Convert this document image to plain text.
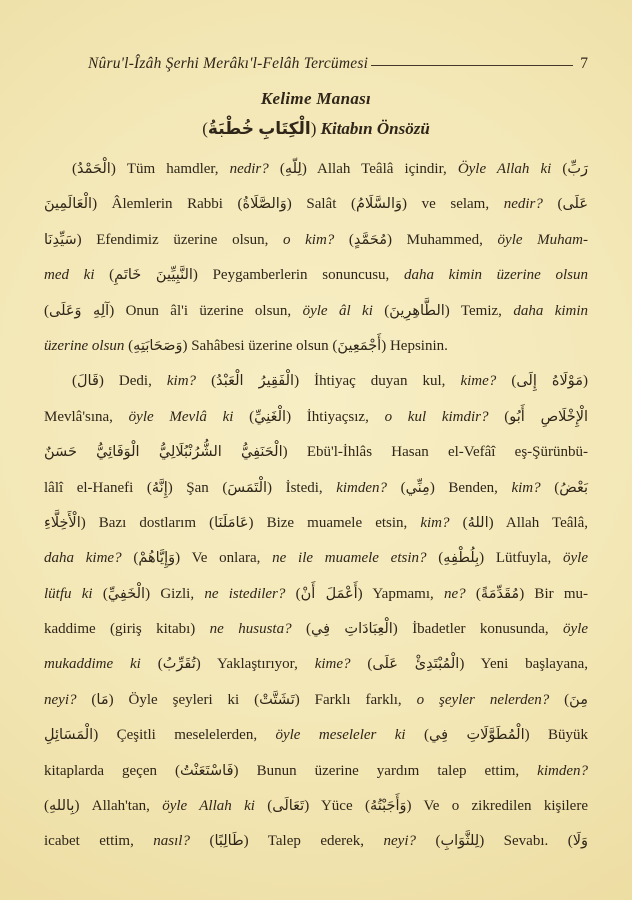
Nûru'l-Îzâh Şerhi Merâkı'l-Felâh Tercümesi	7
Kelime Manası
(خُطْبَةُ الْكِتَابِ) Kitabın Önsözü
(الْحَمْدُ) Tüm hamdler, nedir? (لِلّهِ) Allah Teâlâ içindir, Öyle Allah ki (رَبِّ
الْعَالَمِينَ) Âlemlerin Rabbi (وَالصَّلَاةُ) Salât (وَالسَّلَامُ) ve selam, nedir? (عَلَى
سَيِّدِنَا) Efendimiz üzerine olsun, o kim? (مُحَمَّدٍ) Muhammed, öyle Muham-
med ki (خَاتَمِ النَّبِيِّينَ) Peygamberlerin sonuncusu, daha kimin üzerine olsun
(وَعَلَى آلِهِ) Onun âl'i üzerine olsun, öyle âl ki (الطَّاهِرِينَ) Temiz, daha kimin
üzerine olsun (وَصَحَابَتِهِ) Sahâbesi üzerine olsun (أَجْمَعِينَ) Hepsinin.
(قَالَ) Dedi, kim? (الْعَبْدُ الْفَقِيرُ) İhtiyaç duyan kul, kime? (إِلَى مَوْلَاهُ)
Mevlâ'sına, öyle Mevlâ ki (الْغَنِيِّ) İhtiyaçsız, o kul kimdir? (أَبُو الْإِخْلَاصِ
حَسَنٌ الْوَفَائِيُّ الشُّرُنْبُلَالِيُّ الْحَنَفِيُّ) Ebü'l-İhlâs Hasan el-Vefâî eş-Şürünbü-
lâlî el-Hanefi (إِنَّهُ) Şan (الْتَمَسَ) İstedi, kimden? (مِنِّي) Benden, kim? (بَعْضُ
الْأَخِلَّاءِ) Bazı dostlarım (عَامَلَنَا) Bize muamele etsin, kim? (اللهُ) Allah Teâlâ,
daha kime? (وَإِيَّاهُمْ) Ve onlara, ne ile muamele etsin? (بِلُطْفِهِ) Lütfuyla, öyle
lütfu ki (الْخَفِيِّ) Gizli, ne istediler? (أَنْ أَعْمَلَ) Yapmamı, ne? (مُقَدِّمَةً) Bir mu-
kaddime (giriş kitabı) ne hususta? (فِي الْعِبَادَاتِ) İbadetler konusunda, öyle
mukaddime ki (تُقَرِّبُ) Yaklaştırıyor, kime? (عَلَى الْمُبْتَدِئْ) Yeni başlayana,
neyi? (مَا) Öyle şeyleri ki (تَشَتَّتْ) Farklı farklı, o şeyler nelerden? (مِنَ
الْمَسَائِلِ) Çeşitli meselelerden, öyle meseleler ki (فِي الْمُطَوَّلَاتِ) Büyük
kitaplarda geçen (فَاسْتَعَنْتُ) Bunun üzerine yardım talep ettim, kimden?
(بِاللهِ) Allah'tan, öyle Allah ki (تَعَالَى) Yüce (وَأَجَبْتُهُ) Ve o zikredilen kişilere
icabet ettim, nasıl? (طَالِبًا) Talep ederek, neyi? (لِلثَّوَابِ) Sevabı. (وَلَا
